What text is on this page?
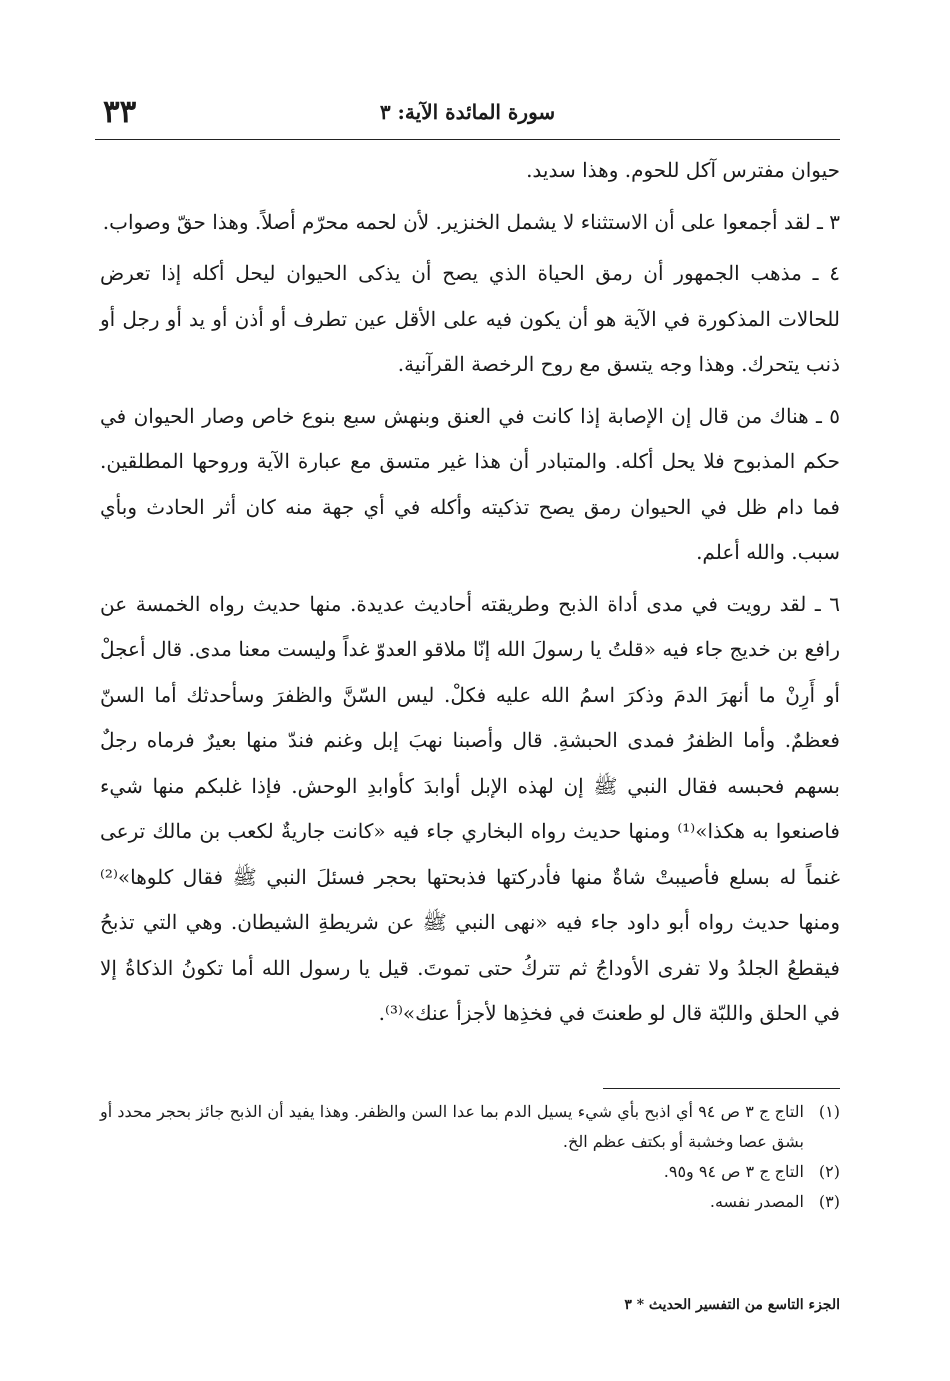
سورة المائدة الآية: ٣
٣٣

حيوان مفترس آكل للحوم. وهذا سديد.

٣ ـ لقد أجمعوا على أن الاستثناء لا يشمل الخنزير. لأن لحمه محرّم أصلاً. وهذا حقّ وصواب.

٤ ـ مذهب الجمهور أن رمق الحياة الذي يصح أن يذكى الحيوان ليحل أكله إذا تعرض للحالات المذكورة في الآية هو أن يكون فيه على الأقل عين تطرف أو أذن أو يد أو رجل أو ذنب يتحرك. وهذا وجه يتسق مع روح الرخصة القرآنية.

٥ ـ هناك من قال إن الإصابة إذا كانت في العنق وبنهش سبع بنوع خاص وصار الحيوان في حكم المذبوح فلا يحل أكله. والمتبادر أن هذا غير متسق مع عبارة الآية وروحها المطلقين. فما دام ظل في الحيوان رمق يصح تذكيته وأكله في أي جهة منه كان أثر الحادث وبأي سبب. والله أعلم.

٦ ـ لقد رويت في مدى أداة الذبح وطريقته أحاديث عديدة. منها حديث رواه الخمسة عن رافع بن خديج جاء فيه «قلتُ يا رسولَ الله إنّا ملاقو العدوّ غداً وليست معنا مدى. قال أعجلْ أو أَرِنْ ما أنهرَ الدمَ وذكرَ اسمُ الله عليه فكلْ. ليس السّنَّ والظفرَ وسأحدثك أما السنّ فعظمٌ. وأما الظفرُ فمدى الحبشةِ. قال وأصبنا نهبَ إبل وغنم فندّ منها بعيرٌ فرماه رجلٌ بسهم فحبسه فقال النبي ﷺ إن لهذه الإبل أوابدَ كأوابدِ الوحش. فإذا غلبكم منها شيء فاصنعوا به هكذا»⁽¹⁾ ومنها حديث رواه البخاري جاء فيه «كانت جاريةٌ لكعب بن مالك ترعى غنماً له بسلع فأصيبتْ شاةٌ منها فأدركتها فذبحتها بحجر فسئلَ النبي ﷺ فقال كلوها»⁽²⁾ ومنها حديث رواه أبو داود جاء فيه «نهى النبي ﷺ عن شريطةِ الشيطان. وهي التي تذبحُ فيقطعُ الجلدُ ولا تفرى الأوداجُ ثم تتركُ حتى تموتَ. قيل يا رسول الله أما تكونُ الذكاةُ إلا في الحلق واللبّة قال لو طعنتَ في فخذِها لأجزأ عنك»⁽³⁾.

(١)
التاج ج ٣ ص ٩٤ أي اذبح بأي شيء يسيل الدم بما عدا السن والظفر. وهذا يفيد أن الذبح جائز بحجر محدد أو بشق عصا وخشبة أو بكتف عظم الخ.
(٢)
التاج ج ٣ ص ٩٤ و٩٥.
(٣)
المصدر نفسه.
الجزء التاسع من التفسير الحديث * ٣
